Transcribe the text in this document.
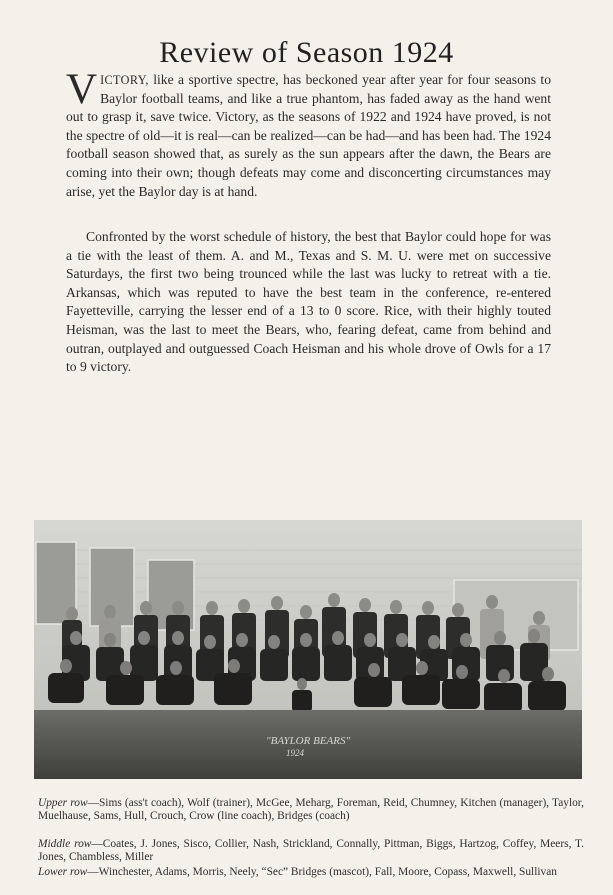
Review of Season 1924
VICTORY, like a sportive spectre, has beckoned year after year for four seasons to Baylor football teams, and like a true phantom, has faded away as the hand went out to grasp it, save twice. Victory, as the seasons of 1922 and 1924 have proved, is not the spectre of old—it is real—can be realized—can be had—and has been had. The 1924 football season showed that, as surely as the sun appears after the dawn, the Bears are coming into their own; though defeats may come and disconcerting circumstances may arise, yet the Baylor day is at hand.
Confronted by the worst schedule of history, the best that Baylor could hope for was a tie with the least of them. A. and M., Texas and S. M. U. were met on successive Saturdays, the first two being trounced while the last was lucky to retreat with a tie. Arkansas, which was reputed to have the best team in the conference, re-entered Fayetteville, carrying the lesser end of a 13 to 0 score. Rice, with their highly touted Heisman, was the last to meet the Bears, who, fearing defeat, came from behind and outran, outplayed and outguessed Coach Heisman and his whole drove of Owls for a 17 to 9 victory.
"BAYLOR BEARS"
1924
Upper row—Sims (ass't coach), Wolf (trainer), McGee, Meharg, Foreman, Reid, Chumney, Kitchen (manager), Taylor, Muelhause, Sams, Hull, Crouch, Crow (line coach), Bridges (coach)
Middle row—Coates, J. Jones, Sisco, Collier, Nash, Strickland, Connally, Pittman, Biggs, Hartzog, Coffey, Meers, T. Jones, Chambless, Miller
Lower row—Winchester, Adams, Morris, Neely, “Sec” Bridges (mascot), Fall, Moore, Copass, Maxwell, Sullivan
